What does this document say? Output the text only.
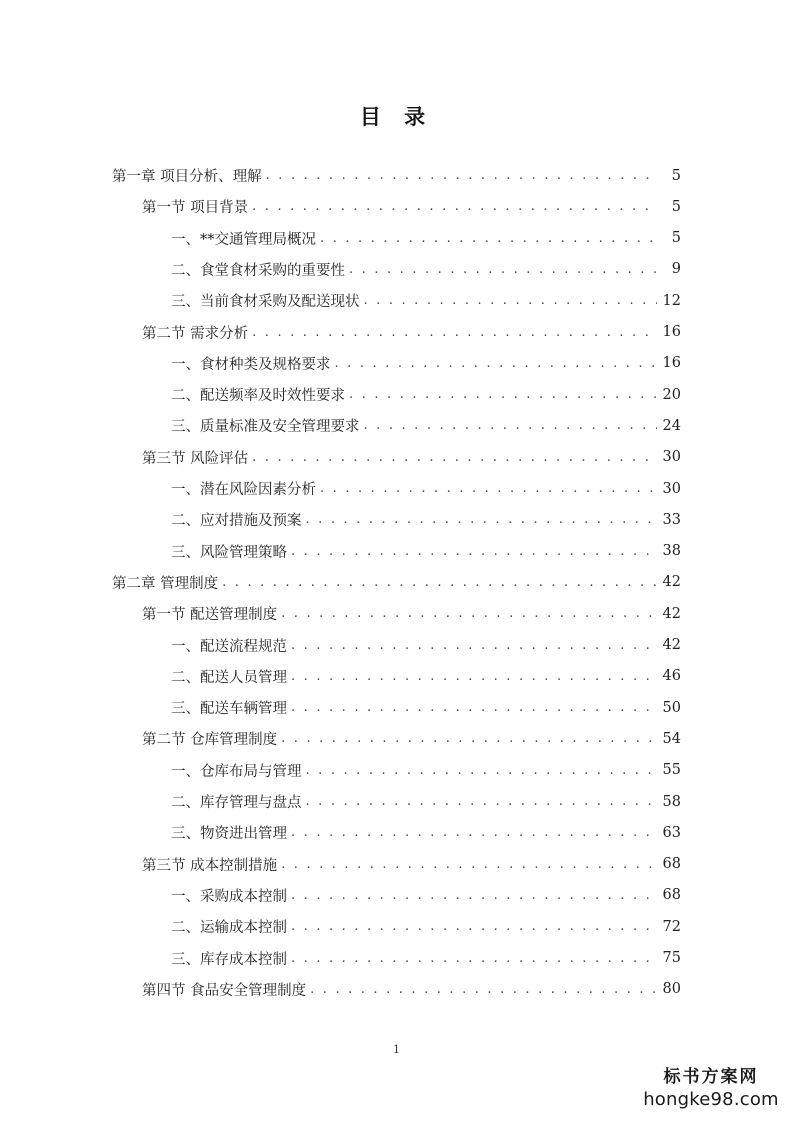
目 录
第一章 项目分析、理解 . . .	5
第一节 项目背景 . . .	5
一、**交通管理局概况 . . .	5
二、食堂食材采购的重要性 . . .	9
三、当前食材采购及配送现状 . . .	12
第二节 需求分析 . . .	16
一、食材种类及规格要求 . . .	16
二、配送频率及时效性要求 . . .	20
三、质量标准及安全管理要求 . . .	24
第三节 风险评估 . . .	30
一、潜在风险因素分析 . . .	30
二、应对措施及预案 . . .	33
三、风险管理策略 . . .	38
第二章 管理制度 . . .	42
第一节 配送管理制度 . . .	42
一、配送流程规范 . . .	42
二、配送人员管理 . . .	46
三、配送车辆管理 . . .	50
第二节 仓库管理制度 . . .	54
一、仓库布局与管理 . . .	55
二、库存管理与盘点 . . .	58
三、物资进出管理 . . .	63
第三节 成本控制措施 . . .	68
一、采购成本控制 . . .	68
二、运输成本控制 . . .	72
三、库存成本控制 . . .	75
第四节 食品安全管理制度 . . .	80
1
标书方案网
hongke98.com
